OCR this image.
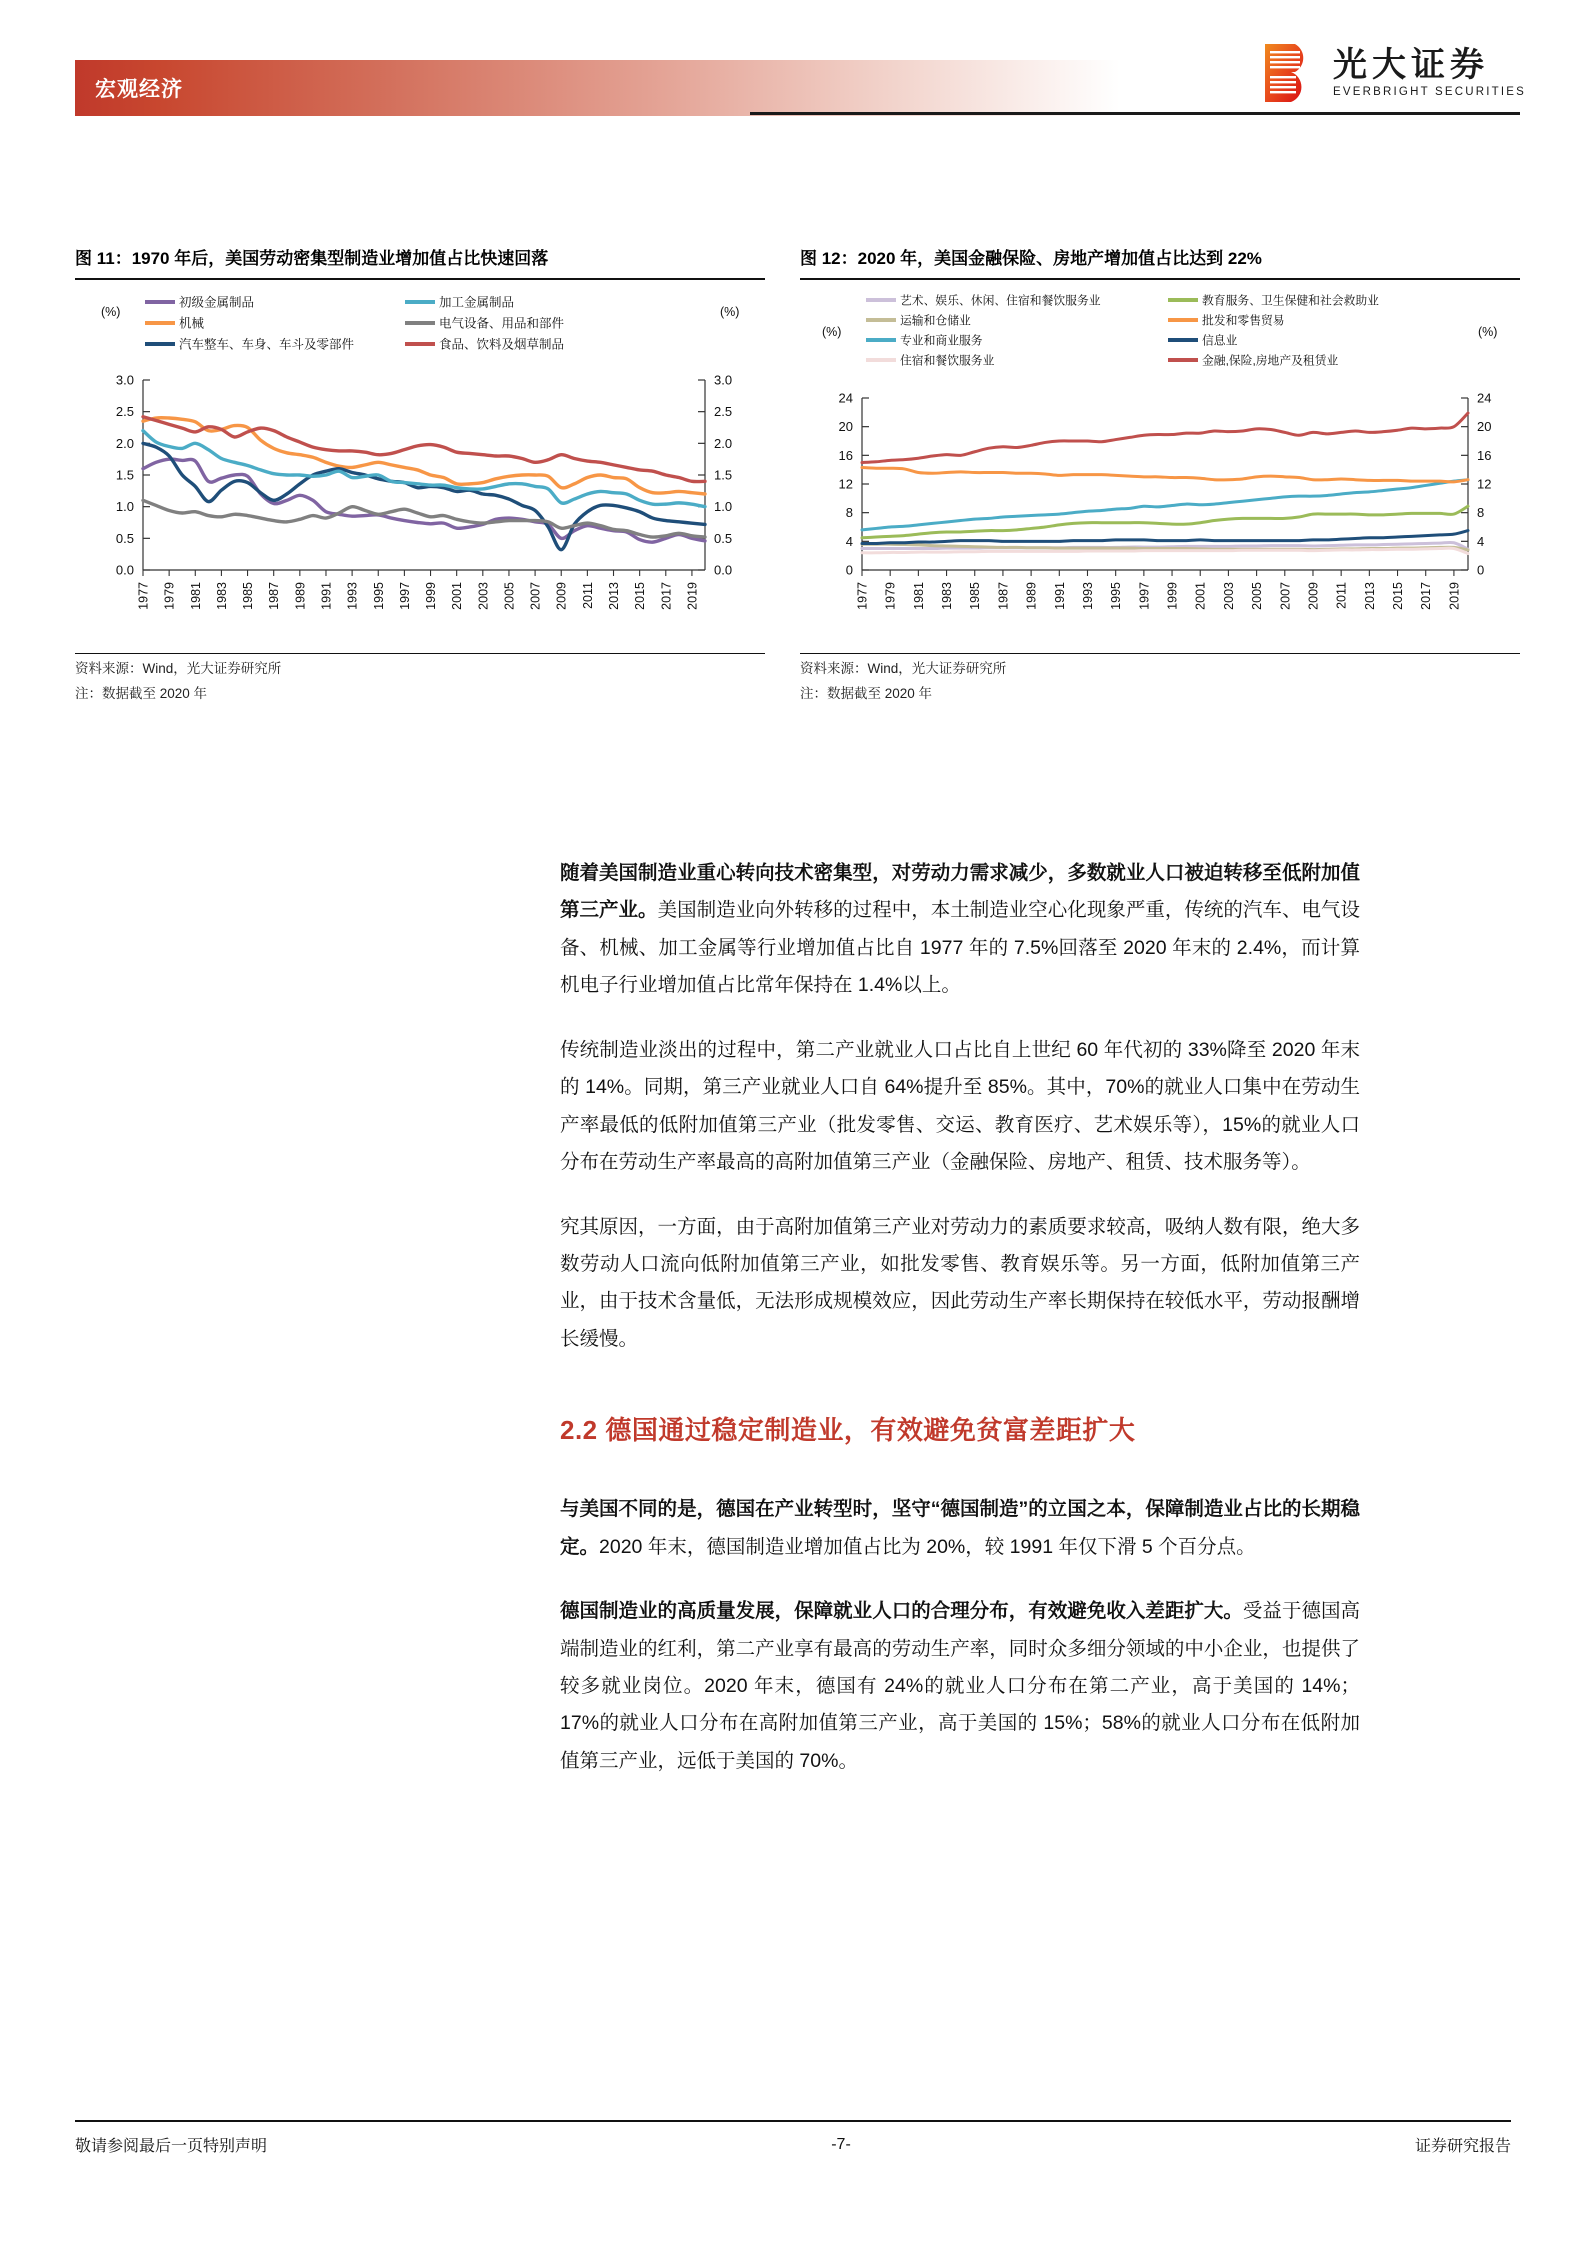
宏观经济
光大证券
EVERBRIGHT SECURITIES
图 11：1970 年后，美国劳动密集型制造业增加值占比快速回落
初级金属制品
机械
汽车整车、车身、车斗及零部件
加工金属制品
电气设备、用品和部件
食品、饮料及烟草制品
(%)	(%)
0.0	0.0
0.5	0.5
1.0	1.0
1.5	1.5
2.0	2.0
2.5	2.5
3.0	3.0
1977 1979 1981 1983 1985 1987 1989 1991 1993 1995 1997 1999 2001 2003 2005 2007 2009 2011 2013 2015 2017 2019
资料来源：Wind，光大证券研究所
注：数据截至 2020 年
图 12：2020 年，美国金融保险、房地产增加值占比达到 22%
艺术、娱乐、休闲、住宿和餐饮服务业
运输和仓储业
专业和商业服务
住宿和餐饮服务业
教育服务、卫生保健和社会救助业
批发和零售贸易
信息业
金融,保险,房地产及租赁业
(%)	(%)
0	0
4	4
8	8
12	12
16	16
20	20
24	24
1977 1979 1981 1983 1985 1987 1989 1991 1993 1995 1997 1999 2001 2003 2005 2007 2009 2011 2013 2015 2017 2019
资料来源：Wind，光大证券研究所
注：数据截至 2020 年

随着美国制造业重心转向技术密集型，对劳动力需求减少，多数就业人口被迫转移至低附加值第三产业。美国制造业向外转移的过程中，本土制造业空心化现象严重，传统的汽车、电气设备、机械、加工金属等行业增加值占比自 1977 年的 7.5%回落至 2020 年末的 2.4%，而计算机电子行业增加值占比常年保持在 1.4%以上。

传统制造业淡出的过程中，第二产业就业人口占比自上世纪 60 年代初的 33%降至 2020 年末的 14%。同期，第三产业就业人口自 64%提升至 85%。其中，70%的就业人口集中在劳动生产率最低的低附加值第三产业（批发零售、交运、教育医疗、艺术娱乐等），15%的就业人口分布在劳动生产率最高的高附加值第三产业（金融保险、房地产、租赁、技术服务等）。

究其原因，一方面，由于高附加值第三产业对劳动力的素质要求较高，吸纳人数有限，绝大多数劳动人口流向低附加值第三产业，如批发零售、教育娱乐等。另一方面，低附加值第三产业，由于技术含量低，无法形成规模效应，因此劳动生产率长期保持在较低水平，劳动报酬增长缓慢。

2.2 德国通过稳定制造业，有效避免贫富差距扩大

与美国不同的是，德国在产业转型时，坚守“德国制造”的立国之本，保障制造业占比的长期稳定。2020 年末，德国制造业增加值占比为 20%，较 1991 年仅下滑 5 个百分点。

德国制造业的高质量发展，保障就业人口的合理分布，有效避免收入差距扩大。受益于德国高端制造业的红利，第二产业享有最高的劳动生产率，同时众多细分领域的中小企业，也提供了较多就业岗位。2020 年末，德国有 24%的就业人口分布在第二产业，高于美国的 14%；17%的就业人口分布在高附加值第三产业，高于美国的 15%；58%的就业人口分布在低附加值第三产业，远低于美国的 70%。

敬请参阅最后一页特别声明	-7-	证券研究报告
